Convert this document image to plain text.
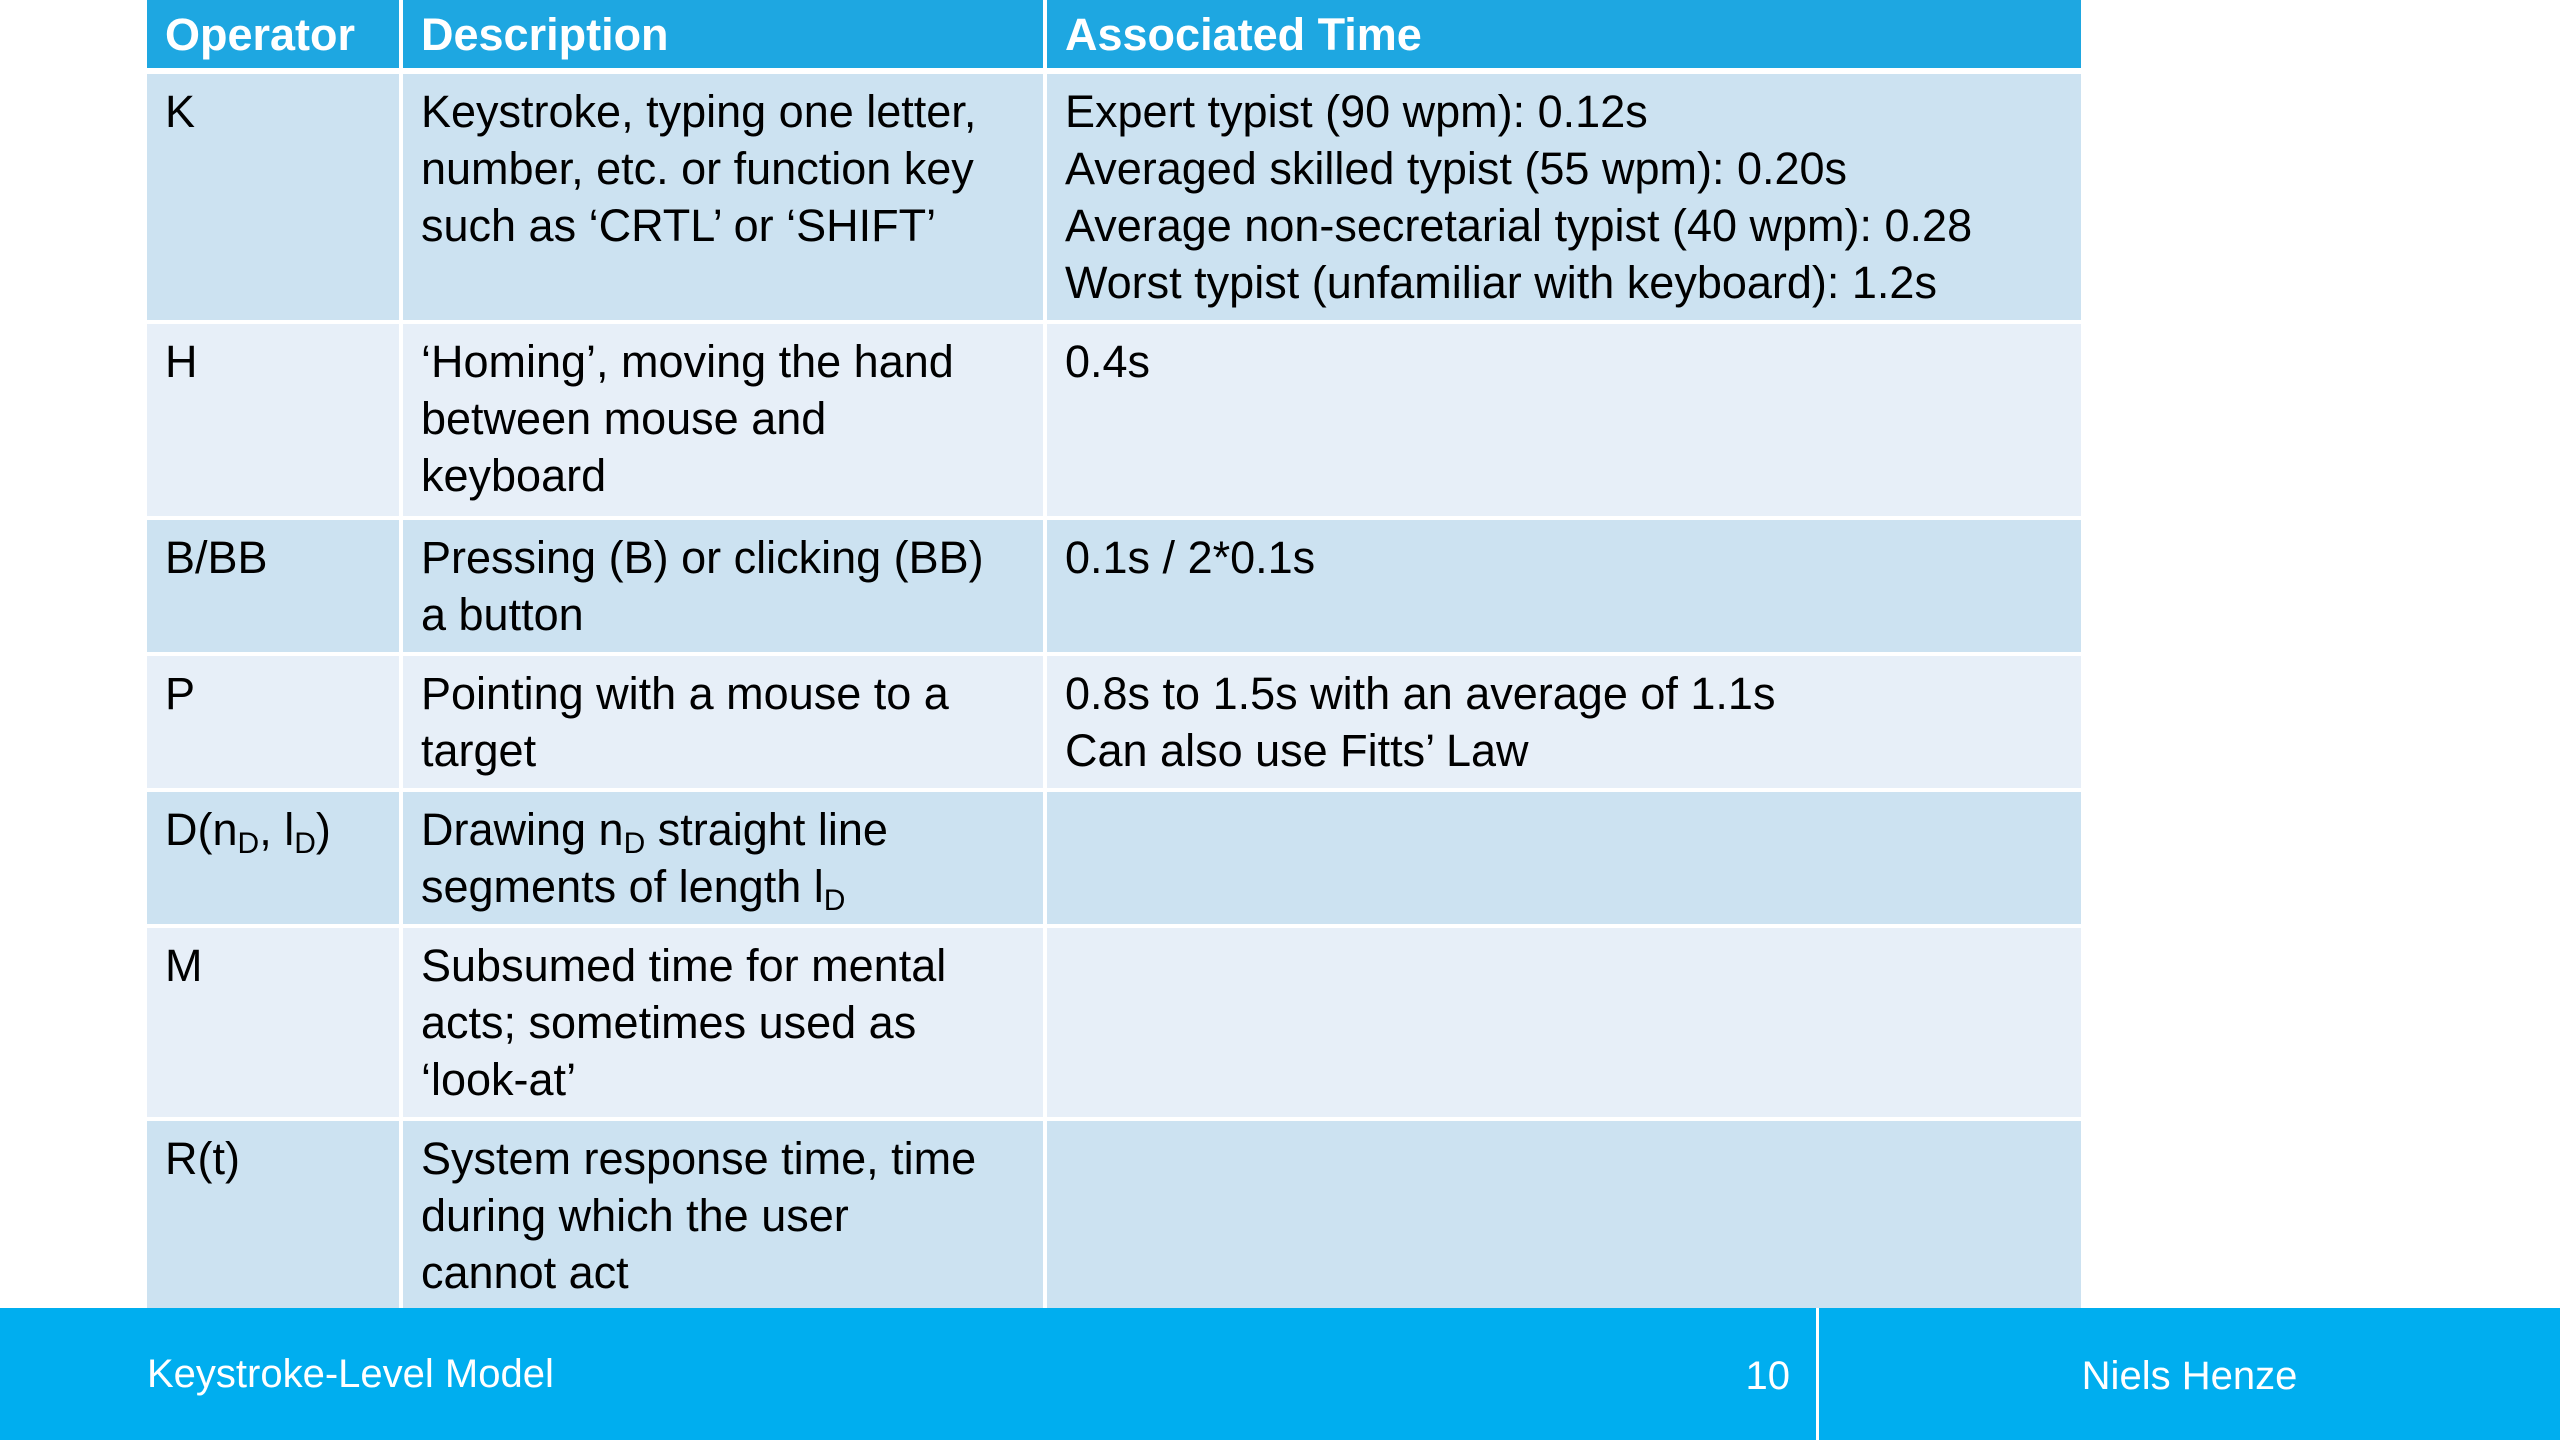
Operator	Description	Associated Time
K	Keystroke, typing one letter,
number, etc. or function key
such as ‘CRTL’ or ‘SHIFT’	Expert typist (90 wpm): 0.12s
Averaged skilled typist (55 wpm): 0.20s
Average non-secretarial typist (40 wpm): 0.28
Worst typist (unfamiliar with keyboard): 1.2s

H	‘Homing’, moving the hand
between mouse and
keyboard	0.4s

B/BB	Pressing (B) or clicking (BB)
a button	0.1s / 2*0.1s

P	Pointing with a mouse to a
target	0.8s to 1.5s with an average of 1.1s
Can also use Fitts’ Law

$D(n_D$, $l_D$)	Drawing $n_D$ straight line
segments of length $l_D$

M	Subsumed time for mental
acts; sometimes used as
‘look-at’	

R(t)	System response time, time
during which the user
cannot act	

Keystroke-Level Model	10	Niels Henze
